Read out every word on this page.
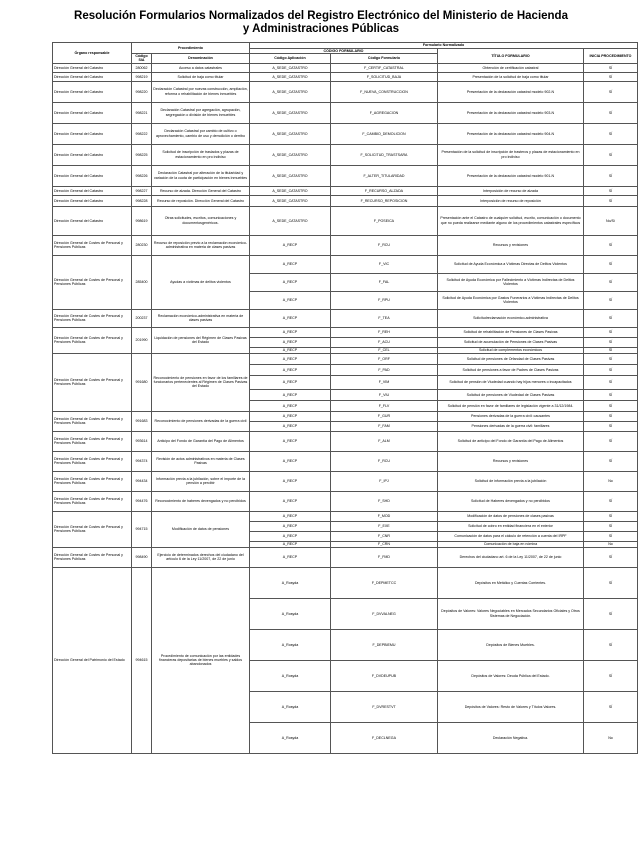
Resolución Formularios Normalizados del Registro Electrónico del Ministerio de Hacienda
y Administraciones Públicas
Órgano responsable	Procedimiento		Formulario Normalizado			
			CÓDIGO FORMULARIO		TÍTULO FORMULARIO	INICIA PROCEDIMIENTO
	Código SIA	Denominación	Código Aplicación	Código Formulario		
Dirección General del Catastro	280062	Acceso a datos catastrales	A_SEDE_CATASTRO	F_CERTIF_CATASTRAL	Obtención de certificación catastral	SÍ
Dirección General del Catastro	998219	Solicitud de baja como titular	A_SEDE_CATASTRO	F_SOLICITUD_BAJA	Presentación de la solicitud de baja como titular	SÍ
Dirección General del Catastro	998220	Declaración Catastral por nuevas construcción, ampliación, reforma o rehabilitación de bienes inmuebles	A_SEDE_CATASTRO	F_NUEVA_CONSTRUCCION	Presentación de la declaración catastral modelo 902-N	SÍ
Dirección General del Catastro	998221	Declaración Catastral por agregación, agrupación, segregación o división de bienes inmuebles	A_SEDE_CATASTRO	F_AGREGACION	Presentación de la declaración catastral modelo 903-N	SÍ
Dirección General del Catastro	998222	Declaración Catastral por cambio de cultivo o aprovechamiento, cambio de uso y demolición o derribo	A_SEDE_CATASTRO	F_CAMBIO_DEMOLICION	Presentación de la declaración catastral modelo 904-N	SÍ
Dirección General del Catastro	998225	Solicitud de inscripción de traslados y plazas de estacionamiento en pro indiviso	A_SEDE_CATASTRO	F_SOLICITUD_TRASTSARA	Presentación de la solicitud de inscripción de trasteros y plazas de estacionamiento en pro indiviso	SÍ
Dirección General del Catastro	998226	Declaración Catastral por alteración de la titularidad y variación de la cuota de participación en bienes inmuebles	A_SEDE_CATASTRO	F_ALTER_TITULARIDAD	Presentación de la declaración catastral modelo 901-N	SÍ
Dirección General del Catastro	998227	Recurso de alzada. Dirección General del Catastro	A_SEDE_CATASTRO	F_RECURSO_ALZADA	Interposición de recurso de alzada	SÍ
Dirección General del Catastro	998228	Recurso de reposición. Dirección General del Catastro	A_SEDE_CATASTRO	F_RECURSO_REPOSICION	Interposición de recurso de reposición	SÍ
Dirección General del Catastro	998619	Otras solicitudes, escritos, comunicaciones y documentosgenéricos.	A_SEDE_CATASTRO	F_POSEICA	Presentación ante el Catastro de cualquier solicitud, escrito, comunicación o documento que no pueda realizarse mediante alguno de los procedimientos catastrales específicos	No/Sí
Dirección General de Costes de Personal y Pensiones Públicas	280230	Recurso de reposición previo a la reclamación económico-administrativa en materia de clases pasivas	A_RECP	F_RCU	Recursos y revisiones	SÍ
Dirección General de Costes de Personal y Pensiones Públicas	285400	Ayudas a víctimas de delitos violentos	A_RECP	F_VIC	Solicitud de Ayuda Económica a Víctimas Directas de Delitos Violentos	SÍ
			A_RECP	F_FAL	Solicitud de Ayuda Económica por Fallecimiento a Víctimas Indirectas de Delitos Violentos	SÍ
			A_RECP	F_RPU	Solicitud de Ayuda Económica por Gastos Funerarios a Víctimas Indirectas de Delitos Violentos	SÍ
Dirección General de Costes de Personal y Pensiones Públicas	200237	Reclamación económico-administrativa en materia de clases pasivas	A_RECP	F_TEA	Solicitudreclamación económico-administrativa	SÍ
Dirección General de Costes de Personal y Pensiones Públicas	201990	Liquidación de pensiones del Régimen de Clases Pasivas del Estado	A_RECP	F_REH	Solicitud de rehabilitación de Pensiones de Clases Pasivas	SÍ
			A_RECP	F_ACU	Solicitud de acumulación de Pensiones de Clases Pasivas	SÍ
			A_RECP	F_CEL	Solicitud de complementos económicos	SÍ
Dirección General de Costes de Personal y Pensiones Públicas	991680	Reconocimiento de pensiones en favor de los familiares de funcionarios pertenecientes al Régimen de Clases Pasivas del Estado	A_RECP	F_ORF	Solicitud de pensiones de Orfandad de Clases Pasivas	SÍ
			A_RECP	F_PAD	Solicitud de pensiones a favor de Padres de Clases Pasivas	SÍ
			A_RECP	F_VIM	Solicitud de pensión de Viudedad cuando hay hijos menores o incapacitados	SÍ
			A_RECP	F_VIU	Solicitud de pensiones de Viudedad de Clases Pasivas	SÍ
			A_RECP	F_FLV	Solicitud de pensión en favor de familiares de legislación vigente a 31/12/1984.	SÍ
Dirección General de Costes de Personal y Pensiones Públicas	991683	Reconocimiento de pensiones derivadas de la guerra civil	A_RECP	F_GUR	Pensiones derivadas de la guerra civil: causantes	SÍ
			A_RECP	F_FAM	Pensiones derivadas de la guerra civil: familiares	SÍ
Dirección General de Costes de Personal y Pensiones Públicas	993614	Anticipo del Fondo de Garantía del Pago de Alimentos	A_RECP	F_ALM	Solicitud de anticipo del Fondo de Garantía del Pago de Alimentos	SÍ
Dirección General de Costes de Personal y Pensiones Públicas	994374	Revisión de actos administrativos en materia de Clases Pasivas	A_RECP	F_RCU	Recursos y revisiones	SÍ
Dirección General de Costes de Personal y Pensiones Públicas	994434	Información previa a la jubilación, sobre el importe de la pensión a percibir	A_RECP	F_IPJ	Solicitud de información previa a la jubilación	No
Dirección General de Costes de Personal y Pensiones Públicas	994476	Reconocimiento de haberes devengados y no percibidos	A_RECP	F_SHD	Solicitud de Haberes devengados y no percibidos	SÍ
Dirección General de Costes de Personal y Pensiones Públicas	994715	Modificación de datos de pensiones	A_RECP	F_MOD	Modificación de datos de pensiones de clases pasivas	SÍ
			A_RECP	F_EXE	Solicitud de cobro en entidad financiera en el exterior	SÍ
			A_RECP	F_CNR	Comunicación de datos para el cálculo de retención a cuenta del IRPF	SÍ
			A_RECP	F_CRN	Comunicación de baja en nómina	No
Dirección General de Costes de Personal y Pensiones Públicas	998490	Ejercicio de determinados derechos del ciudadano del artículo 6 de la Ley 11/2007, de 22 de junio	A_RECP	F_FMD	Derechos del ciudadano art. 6 de la Ley 11/2007, de 22 de junio	SÍ
Dirección General del Patrimonio del Estado	994615	Procedimiento de comunicación por las entidades financieras depositarias de bienes muebles y saldos abandonados	A_Rosyda	F_DEPMETCC	Depósitos en Metálico y Cuentas Corrientes.	SÍ
			A_Rosyda	F_DVVALNEG	Depósitos de Valores: Valores Negociables en Mercados Secundarios Oficiales y Otros Sistemas de Negociación.	SÍ
			A_Rosyda	F_DEPBIEMU	Depósitos de Bienes Muebles.	SÍ
			A_Rosyda	F_DVDEUPUB	Depósitos de Valores: Deuda Pública del Estado.	SÍ
			A_Rosyda	F_DVRESTVT	Depósitos de Valores: Resto de Valores y Títulos Valores.	SÍ
			A_Rosyda	F_DECLNEGA	Declaración Negativa.	No
